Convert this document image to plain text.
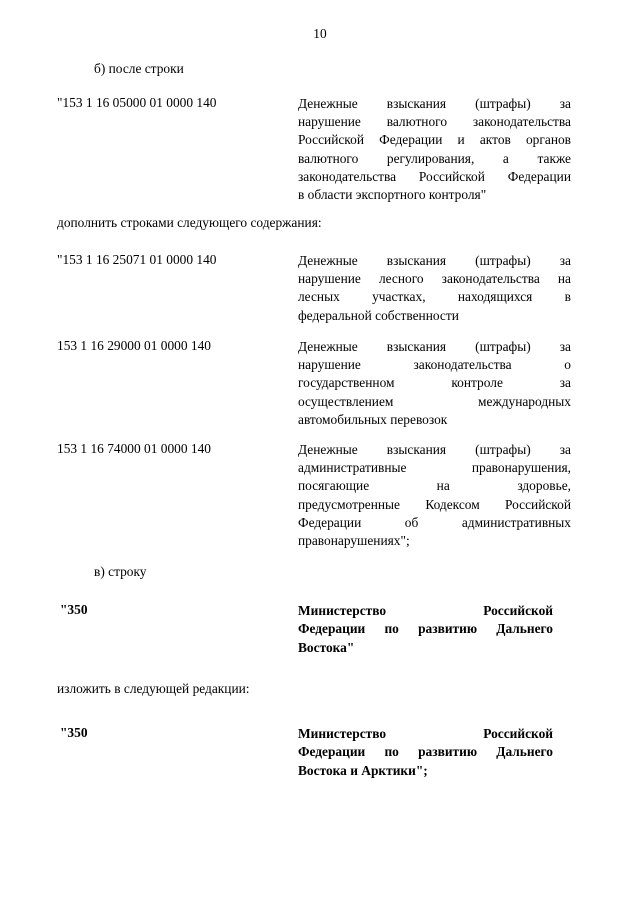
10
б) после строки
"153 1 16 05000 01 0000 140	Денежные взыскания (штрафы) за
нарушение валютного законодательства
Российской Федерации и актов органов
валютного регулирования, а также
законодательства Российской Федерации
в области экспортного контроля"
дополнить строками следующего содержания:
"153 1 16 25071 01 0000 140	Денежные взыскания (штрафы) за
нарушение лесного законодательства на
лесных участках, находящихся в
федеральной собственности
153 1 16 29000 01 0000 140	Денежные взыскания (штрафы) за
нарушение законодательства о
государственном контроле за
осуществлением международных
автомобильных перевозок
153 1 16 74000 01 0000 140	Денежные взыскания (штрафы) за
административные правонарушения,
посягающие на здоровье,
предусмотренные Кодексом Российской
Федерации об административных
правонарушениях";
в) строку
"350	Министерство Российской
Федерации по развитию Дальнего
Востока"
изложить в следующей редакции:
"350	Министерство Российской
Федерации по развитию Дальнего
Востока и Арктики";
